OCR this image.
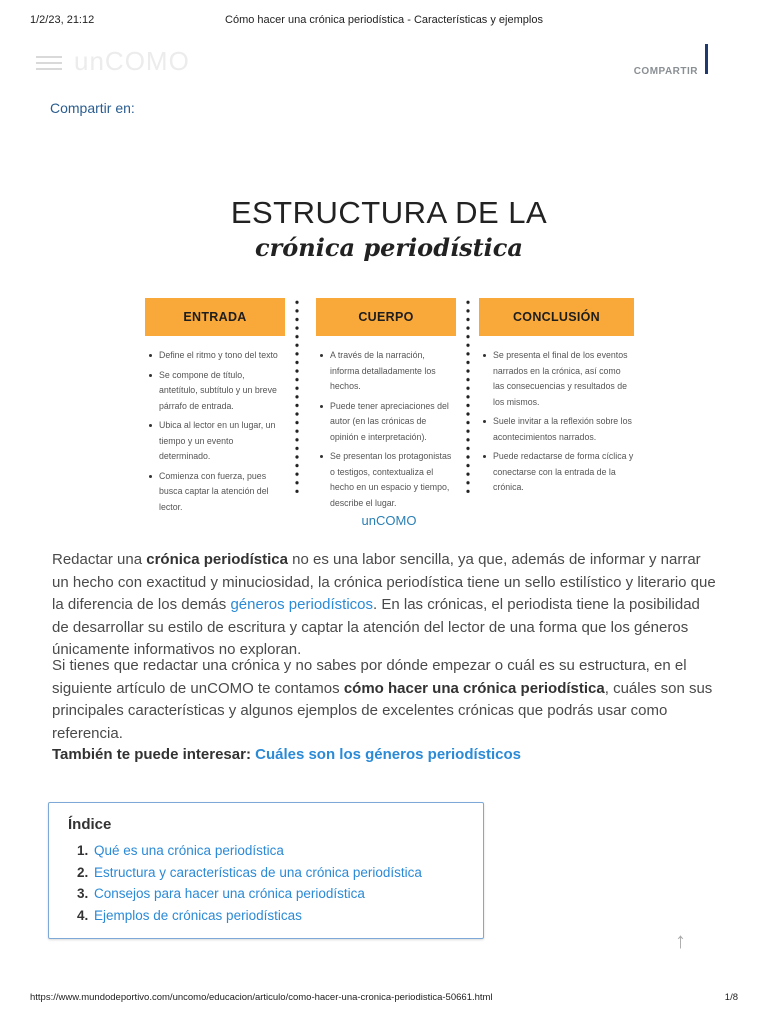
1/2/23, 21:12	Cómo hacer una crónica periodística - Características y ejemplos
unCOMO	COMPARTIR
Compartir en:
ESTRUCTURA DE LA
crónica periodística
ENTRADA
Define el ritmo y tono del texto
Se compone de título, antetítulo, subtítulo y un breve párrafo de entrada.
Ubica al lector en un lugar, un tiempo y un evento determinado.
Comienza con fuerza, pues busca captar la atención del lector.
CUERPO
A través de la narración, informa detalladamente los hechos.
Puede tener apreciaciones del autor (en las crónicas de opinión e interpretación).
Se presentan los protagonistas o testigos, contextualiza el hecho en un espacio y tiempo, describe el lugar.
CONCLUSIÓN
Se presenta el final de los eventos narrados en la crónica, así como las consecuencias y resultados de los mismos.
Suele invitar a la reflexión sobre los acontecimientos narrados.
Puede redactarse de forma cíclica y conectarse con la entrada de la crónica.
unCOMO

Redactar una crónica periodística no es una labor sencilla, ya que, además de informar y narrar un hecho con exactitud y minuciosidad, la crónica periodística tiene un sello estilístico y literario que la diferencia de los demás géneros periodísticos. En las crónicas, el periodista tiene la posibilidad de desarrollar su estilo de escritura y captar la atención del lector de una forma que los géneros únicamente informativos no exploran.

Si tienes que redactar una crónica y no sabes por dónde empezar o cuál es su estructura, en el siguiente artículo de unCOMO te contamos cómo hacer una crónica periodística, cuáles son sus principales características y algunos ejemplos de excelentes crónicas que podrás usar como referencia.

También te puede interesar: Cuáles son los géneros periodísticos

Índice
1. Qué es una crónica periodística
2. Estructura y características de una crónica periodística
3. Consejos para hacer una crónica periodística
4. Ejemplos de crónicas periodísticas
↑
https://www.mundodeportivo.com/uncomo/educacion/articulo/como-hacer-una-cronica-periodistica-50661.html	1/8
